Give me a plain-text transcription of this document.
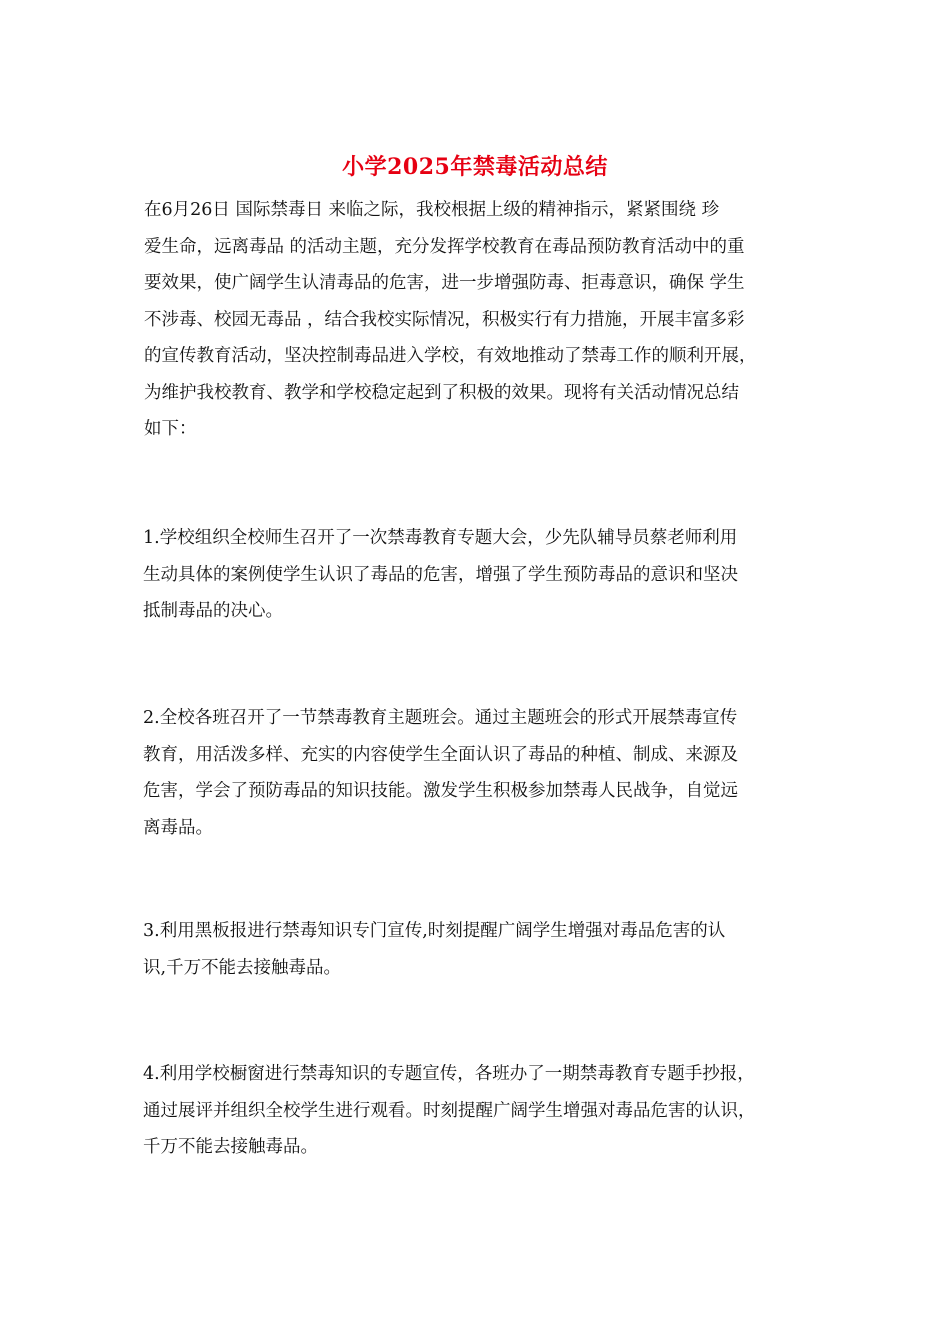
小学2025年禁毒活动总结

在6月26日 国际禁毒日 来临之际，我校根据上级的精神指示，紧紧围绕 珍
爱生命，远离毒品 的活动主题，充分发挥学校教育在毒品预防教育活动中的重
要效果，使广阔学生认清毒品的危害，进一步增强防毒、拒毒意识，确保 学生
不涉毒、校园无毒品 ，结合我校实际情况，积极实行有力措施，开展丰富多彩
的宣传教育活动，坚决控制毒品进入学校，有效地推动了禁毒工作的顺利开展，
为维护我校教育、教学和学校稳定起到了积极的效果。现将有关活动情况总结
如下：

1.学校组织全校师生召开了一次禁毒教育专题大会，少先队辅导员蔡老师利用
生动具体的案例使学生认识了毒品的危害，增强了学生预防毒品的意识和坚决
抵制毒品的决心。

2.全校各班召开了一节禁毒教育主题班会。通过主题班会的形式开展禁毒宣传
教育，用活泼多样、充实的内容使学生全面认识了毒品的种植、制成、来源及
危害，学会了预防毒品的知识技能。激发学生积极参加禁毒人民战争，自觉远
离毒品。

3.利用黑板报进行禁毒知识专门宣传,时刻提醒广阔学生增强对毒品危害的认
识,千万不能去接触毒品。

4.利用学校橱窗进行禁毒知识的专题宣传，各班办了一期禁毒教育专题手抄报，
通过展评并组织全校学生进行观看。时刻提醒广阔学生增强对毒品危害的认识，
千万不能去接触毒品。
